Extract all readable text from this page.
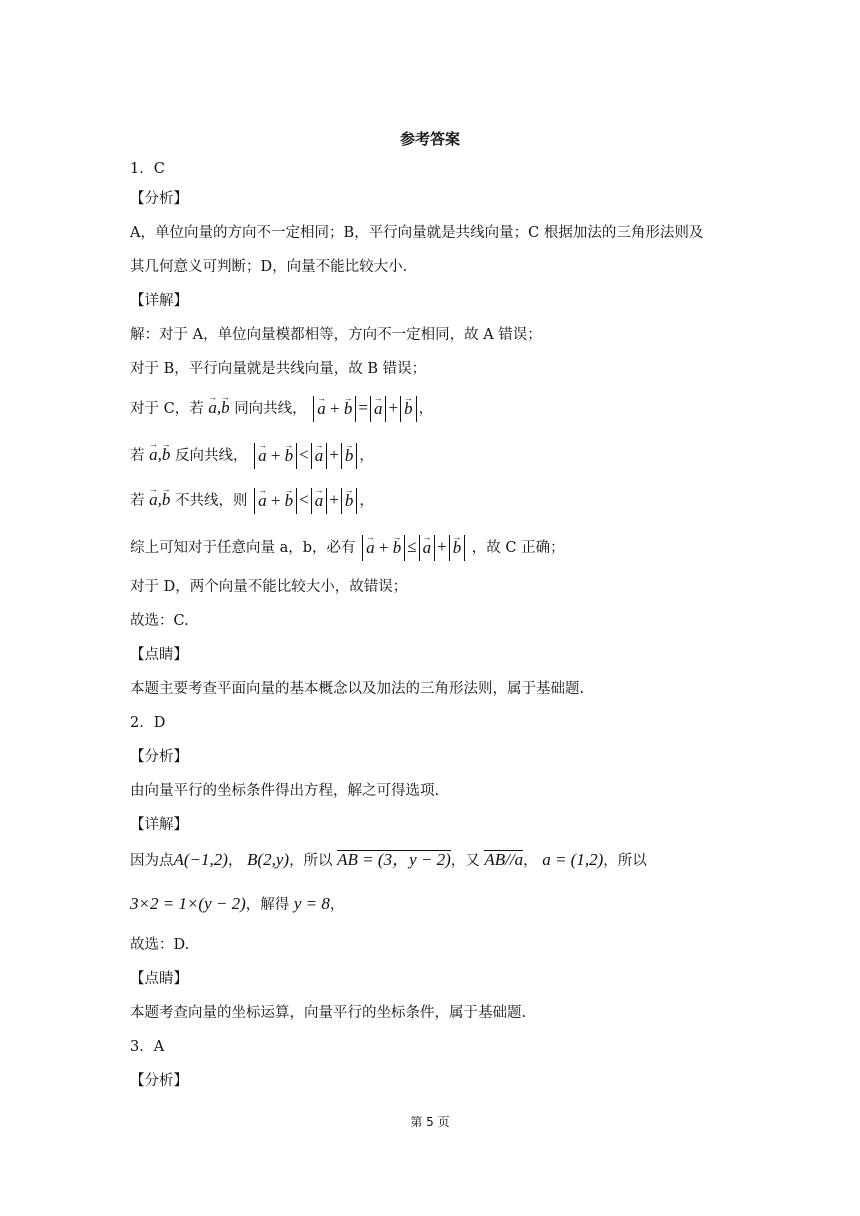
参考答案
1．C
【分析】
A，单位向量的方向不一定相同；B，平行向量就是共线向量；C 根据加法的三角形法则及
其几何意义可判断；D，向量不能比较大小.
【详解】
解：对于 A，单位向量模都相等，方向不一定相同，故 A 错误；
对于 B，平行向量就是共线向量，故 B 错误；
对于 C，若 → a,→ b 同向共线， → a + → b = → a + → b ，
若 → a,→ b 反向共线， → a + → b < → a + → b ，
若 → a,→ b 不共线，则 → a + → b < → a + → b ，
综上可知对于任意向量 a，b，必有 → a + → b ≤ → a + → b ，故 C 正确；
对于 D，两个向量不能比较大小，故错误；
故选：C.
【点睛】
本题主要考查平面向量的基本概念以及加法的三角形法则，属于基础题.
2．D
【分析】
由向量平行的坐标条件得出方程，解之可得选项.
【详解】
因为点A(−1,2)， B(2,y)，所以 AB = (3，y − 2)，又 AB//a， a = (1,2)，所以
3×2 = 1×(y − 2)，解得 y = 8，
故选：D.
【点睛】
本题考查向量的坐标运算，向量平行的坐标条件，属于基础题.
3．A
【分析】
第 5 页
